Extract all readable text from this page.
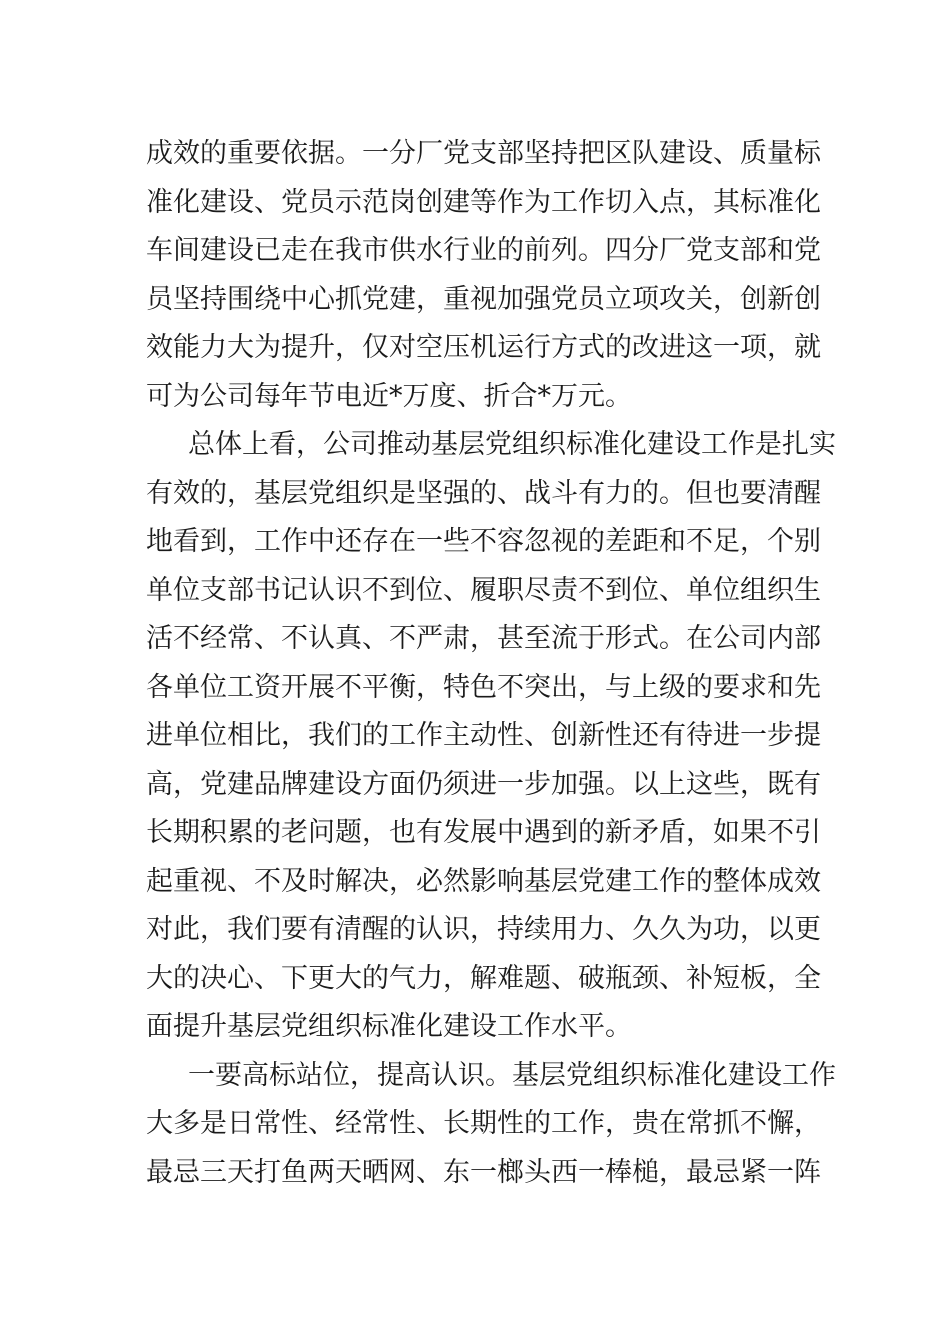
成效的重要依据。一分厂党支部坚持把区队建设、质量标
准化建设、党员示范岗创建等作为工作切入点，其标准化
车间建设已走在我市供水行业的前列。四分厂党支部和党
员坚持围绕中心抓党建，重视加强党员立项攻关，创新创
效能力大为提升，仅对空压机运行方式的改进这一项，就
可为公司每年节电近*万度、折合*万元。
总体上看，公司推动基层党组织标准化建设工作是扎实
有效的，基层党组织是坚强的、战斗有力的。但也要清醒
地看到，工作中还存在一些不容忽视的差距和不足，个别
单位支部书记认识不到位、履职尽责不到位、单位组织生
活不经常、不认真、不严肃，甚至流于形式。在公司内部
各单位工资开展不平衡，特色不突出，与上级的要求和先
进单位相比，我们的工作主动性、创新性还有待进一步提
高，党建品牌建设方面仍须进一步加强。以上这些，既有
长期积累的老问题，也有发展中遇到的新矛盾，如果不引
起重视、不及时解决，必然影响基层党建工作的整体成效
对此，我们要有清醒的认识，持续用力、久久为功，以更
大的决心、下更大的气力，解难题、破瓶颈、补短板，全
面提升基层党组织标准化建设工作水平。
一要高标站位，提高认识。基层党组织标准化建设工作
大多是日常性、经常性、长期性的工作，贵在常抓不懈，
最忌三天打鱼两天晒网、东一榔头西一棒槌，最忌紧一阵
